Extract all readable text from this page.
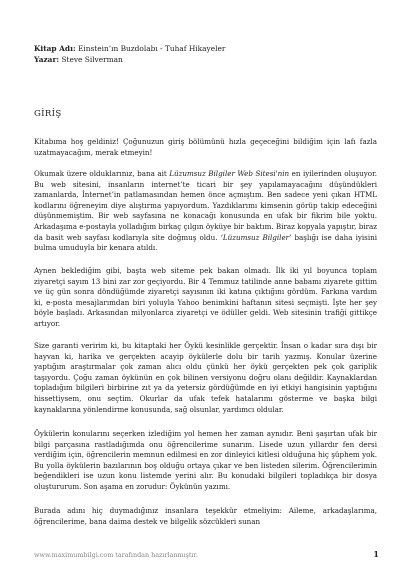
Kitap Adı: Einstein’ın Buzdolabı - Tuhaf Hikayeler
Yazar: Steve Silverman
GİRİŞ

Kitabıma hoş geldiniz! Çoğunuzun giriş bölümünü hızla geçeceğini bildiğim için lafı fazla uzatmayacağım, merak etmeyin!

Okumak üzere olduklarınız, bana ait Lüzumsuz Bilgiler Web Sitesi'nin en iyilerinden oluşuyor. Bu web sitesini, insanların internet’te ticari bir şey yapılamayacağını düşündükleri zamanlarda, İnternet’in patlamasından hemen önce açmıştım. Ben sadece yeni çıkan HTML kodlarını öğreneyim diye alıştırma yapıyordum. Yazdıklarımı kimsenin görüp takip edeceğini düşünmemiştim. Bir web sayfasına ne konacağı konusunda en ufak bir fikrim bile yoktu. Arkadaşıma e-postayla yolladığım birkaç çılgın öyküye bir baktım. Biraz kopyala yapıştır, biraz da basit web sayfası kodlarıyla site doğmuş oldu. ‘Lüzumsuz Bilgiler’ başlığı ise daha iyisini bulma umuduyla bir kenara atıldı.

Aynen beklediğim gibi, başta web siteme pek bakan olmadı. İlk iki yıl boyunca toplam ziyaretçi sayım 13 bini zar zor geçiyordu. Bir 4 Temmuz tatilinde anne babamı ziyarete gittim ve üç gün sonra döndüğümde ziyaretçi sayısının iki katına çıktığını gördüm. Farkına vardım ki, e-posta mesajlarımdan biri yoluyla Yahoo benimkini haftanın sitesi seçmişti. İşte her şey böyle başladı. Arkasından milyonlarca ziyaretçi ve ödüller geldi. Web sitesinin trafiği gittikçe artıyor.

Size garanti veririm ki, bu kitaptaki her Öykü kesinlikle gerçektir. İnsan o kadar sıra dışı bir hayvan ki, harika ve gerçekten acayip öykülerle dolu bir tarih yazmış. Konular üzerine yaptığım araştırmalar çok zaman alıcı oldu çünkü her öykü gerçekten pek çok gariplik taşıyordu. Çoğu zaman öykünün en çok bilinen versiyonu doğru olanı değildir. Kaynaklardan topladığım bilgileri birbirine zıt ya da yetersiz gördüğümde en iyi etkiyi hangisinin yaptığını hissettiysem, onu seçtim. Okurlar da ufak tefek hatalarımı gösterme ve başka bilgi kaynaklarına yönlendirme konusunda, sağ olsunlar, yardımcı oldular.

Öykülerin konularını seçerken izlediğim yol hemen her zaman aynıdır. Beni şaşırtan ufak bir bilgi parçasına rastladığımda onu öğrencilerime sunarım. Lisede uzun yıllardır fen dersi verdiğim için, öğrencilerin memnun edilmesi en zor dinleyici kitlesi olduğuna hiç şüphem yok. Bu yolla öykülerin bazılarının boş olduğu ortaya çıkar ve ben listeden silerim. Öğrencilerimin beğendikleri ise uzun konu listemde yerini alır. Bu konudaki bilgileri topladıkça bir dosya oluştururum. Son aşama en zorudur: Öykünün yazımı.

Burada adını hiç duymadığınız insanlara teşekkür etmeliyim: Aileme, arkadaşlarıma, öğrencilerime, bana daima destek ve bilgelik sözcükleri sunan

www.maximumbilgi.com tarafından hazırlanmıştır.	1
